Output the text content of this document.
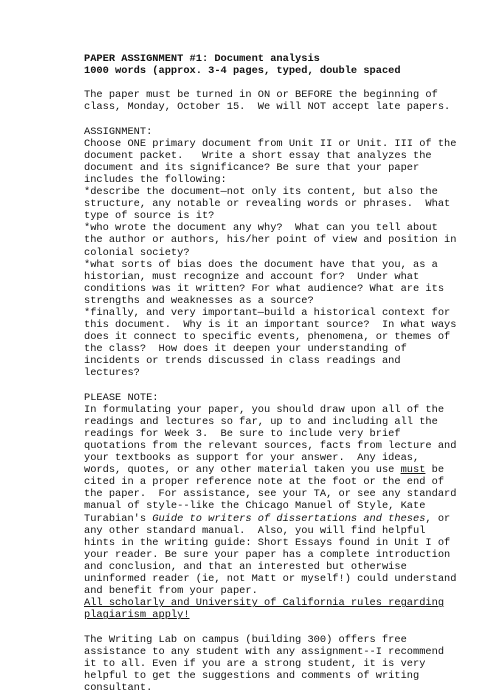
PAPER ASSIGNMENT #1: Document analysis
1000 words (approx. 3-4 pages, typed, double spaced
The paper must be turned in ON or BEFORE the beginning of
class, Monday, October 15.  We will NOT accept late papers.
ASSIGNMENT:
Choose ONE primary document from Unit II or Unit. III of the
document packet.   Write a short essay that analyzes the
document and its significance? Be sure that your paper
includes the following:
*describe the document—not only its content, but also the
structure, any notable or revealing words or phrases.  What
type of source is it?
*who wrote the document any why?  What can you tell about
the author or authors, his/her point of view and position in
colonial society?
*what sorts of bias does the document have that you, as a
historian, must recognize and account for?  Under what
conditions was it written? For what audience? What are its
strengths and weaknesses as a source?
*finally, and very important—build a historical context for
this document.  Why is it an important source?  In what ways
does it connect to specific events, phenomena, or themes of
the class?  How does it deepen your understanding of
incidents or trends discussed in class readings and
lectures?
PLEASE NOTE:
In formulating your paper, you should draw upon all of the
readings and lectures so far, up to and including all the
readings for Week 3.  Be sure to include very brief
quotations from the relevant sources, facts from lecture and
your textbooks as support for your answer.  Any ideas,
words, quotes, or any other material taken you use must be
cited in a proper reference note at the foot or the end of
the paper.  For assistance, see your TA, or see any standard
manual of style--like the Chicago Manuel of Style, Kate
Turabian's Guide to writers of dissertations and theses, or
any other standard manual.  Also, you will find helpful
hints in the writing guide: Short Essays found in Unit I of
your reader. Be sure your paper has a complete introduction
and conclusion, and that an interested but otherwise
uninformed reader (ie, not Matt or myself!) could understand
and benefit from your paper.
All scholarly and University of California rules regarding
plagiarism apply!
The Writing Lab on campus (building 300) offers free
assistance to any student with any assignment--I recommend
it to all. Even if you are a strong student, it is very
helpful to get the suggestions and comments of writing
consultant.
